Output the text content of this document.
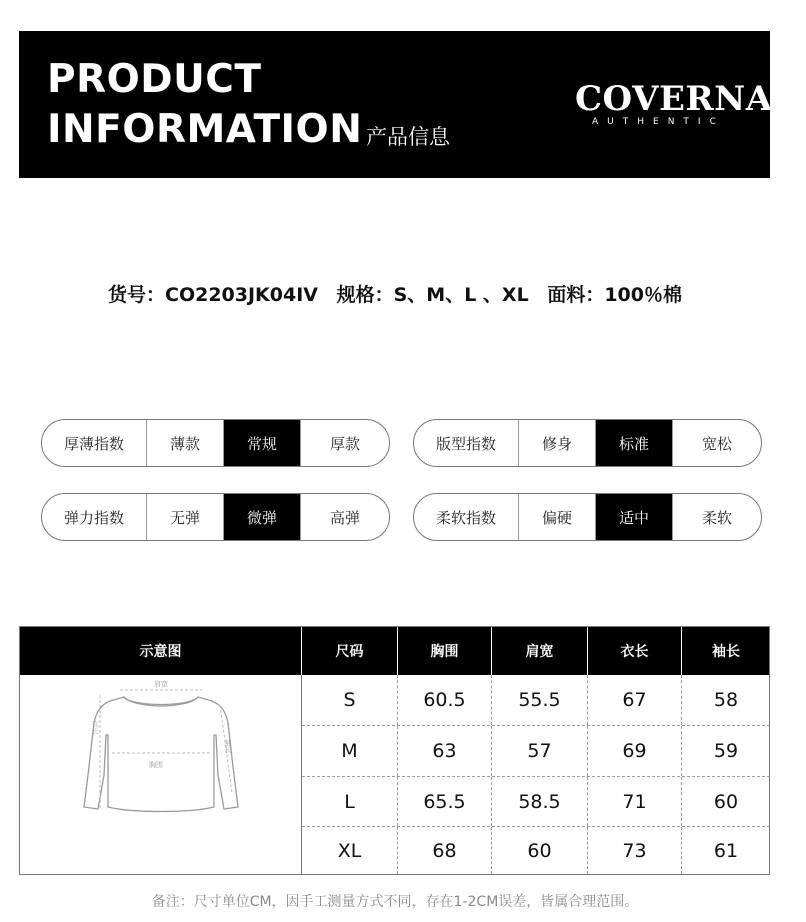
PRODUCT
INFORMATION 产品信息
COVERNAT®
AUTHENTIC
货号：CO2203JK04IV 规格：S、M、L 、XL 面料：100％棉
厚薄指数	薄款	常规	厚款	版型指数	修身	标准	宽松
弹力指数	无弹	微弹	高弹	柔软指数	偏硬	适中	柔软
示意图	尺码	胸围	肩宽	衣长	袖长
肩宽
衣长
袖长
胸围
S	60.5	55.5	67	58
M	63	57	69	59
L	65.5	58.5	71	60
XL	68	60	73	61
备注：尺寸单位CM，因手工测量方式不同，存在1-2CM误差，皆属合理范围。
